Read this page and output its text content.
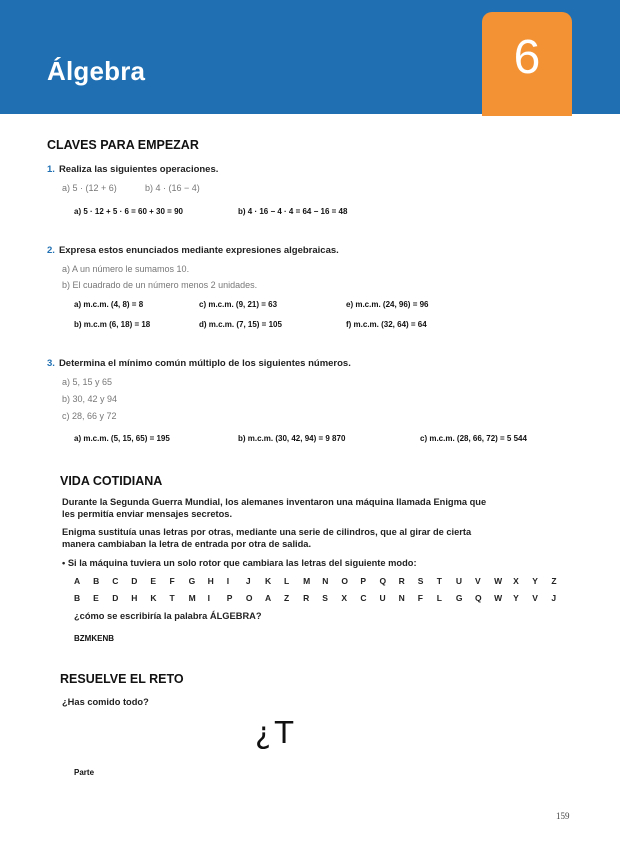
Álgebra	6
CLAVES PARA EMPEZAR
1. Realiza las siguientes operaciones.
a) 5 · (12 + 6)	b) 4 · (16 − 4)
a) 5 · 12 + 5 · 6 = 60 + 30 = 90	b) 4 · 16 − 4 · 4 = 64 − 16 = 48
2. Expresa estos enunciados mediante expresiones algebraicas.
a) A un número le sumamos 10.
b) El cuadrado de un número menos 2 unidades.
a) m.c.m. (4, 8) = 8	c) m.c.m. (9, 21) = 63	e) m.c.m. (24, 96) = 96
b) m.c.m (6, 18) = 18	d) m.c.m. (7, 15) = 105	f) m.c.m. (32, 64) = 64
3. Determina el mínimo común múltiplo de los siguientes números.
a) 5, 15 y 65
b) 30, 42 y 94
c) 28, 66 y 72
a) m.c.m. (5, 15, 65) = 195	b) m.c.m. (30, 42, 94) = 9 870	c) m.c.m. (28, 66, 72) = 5 544
VIDA COTIDIANA
Durante la Segunda Guerra Mundial, los alemanes inventaron una máquina llamada Enigma que
les permitía enviar mensajes secretos.
Enigma sustituía unas letras por otras, mediante una serie de cilindros, que al girar de cierta
manera cambiaban la letra de entrada por otra de salida.
• Si la máquina tuviera un solo rotor que cambiara las letras del siguiente modo:
A	B	C	D	E	F	G	H	I	J	K	L	M	N	O	P	Q	R	S	T	U	V	W	X	Y	Z
B	E	D	H	K	T	M	I	P	O	A	Z	R	S	X	C	U	N	F	L	G	Q	W	Y	V	J
¿cómo se escribiría la palabra ÁLGEBRA?
BZMKENB
RESUELVE EL RETO
¿Has comido todo?
¿T
Parte
159
